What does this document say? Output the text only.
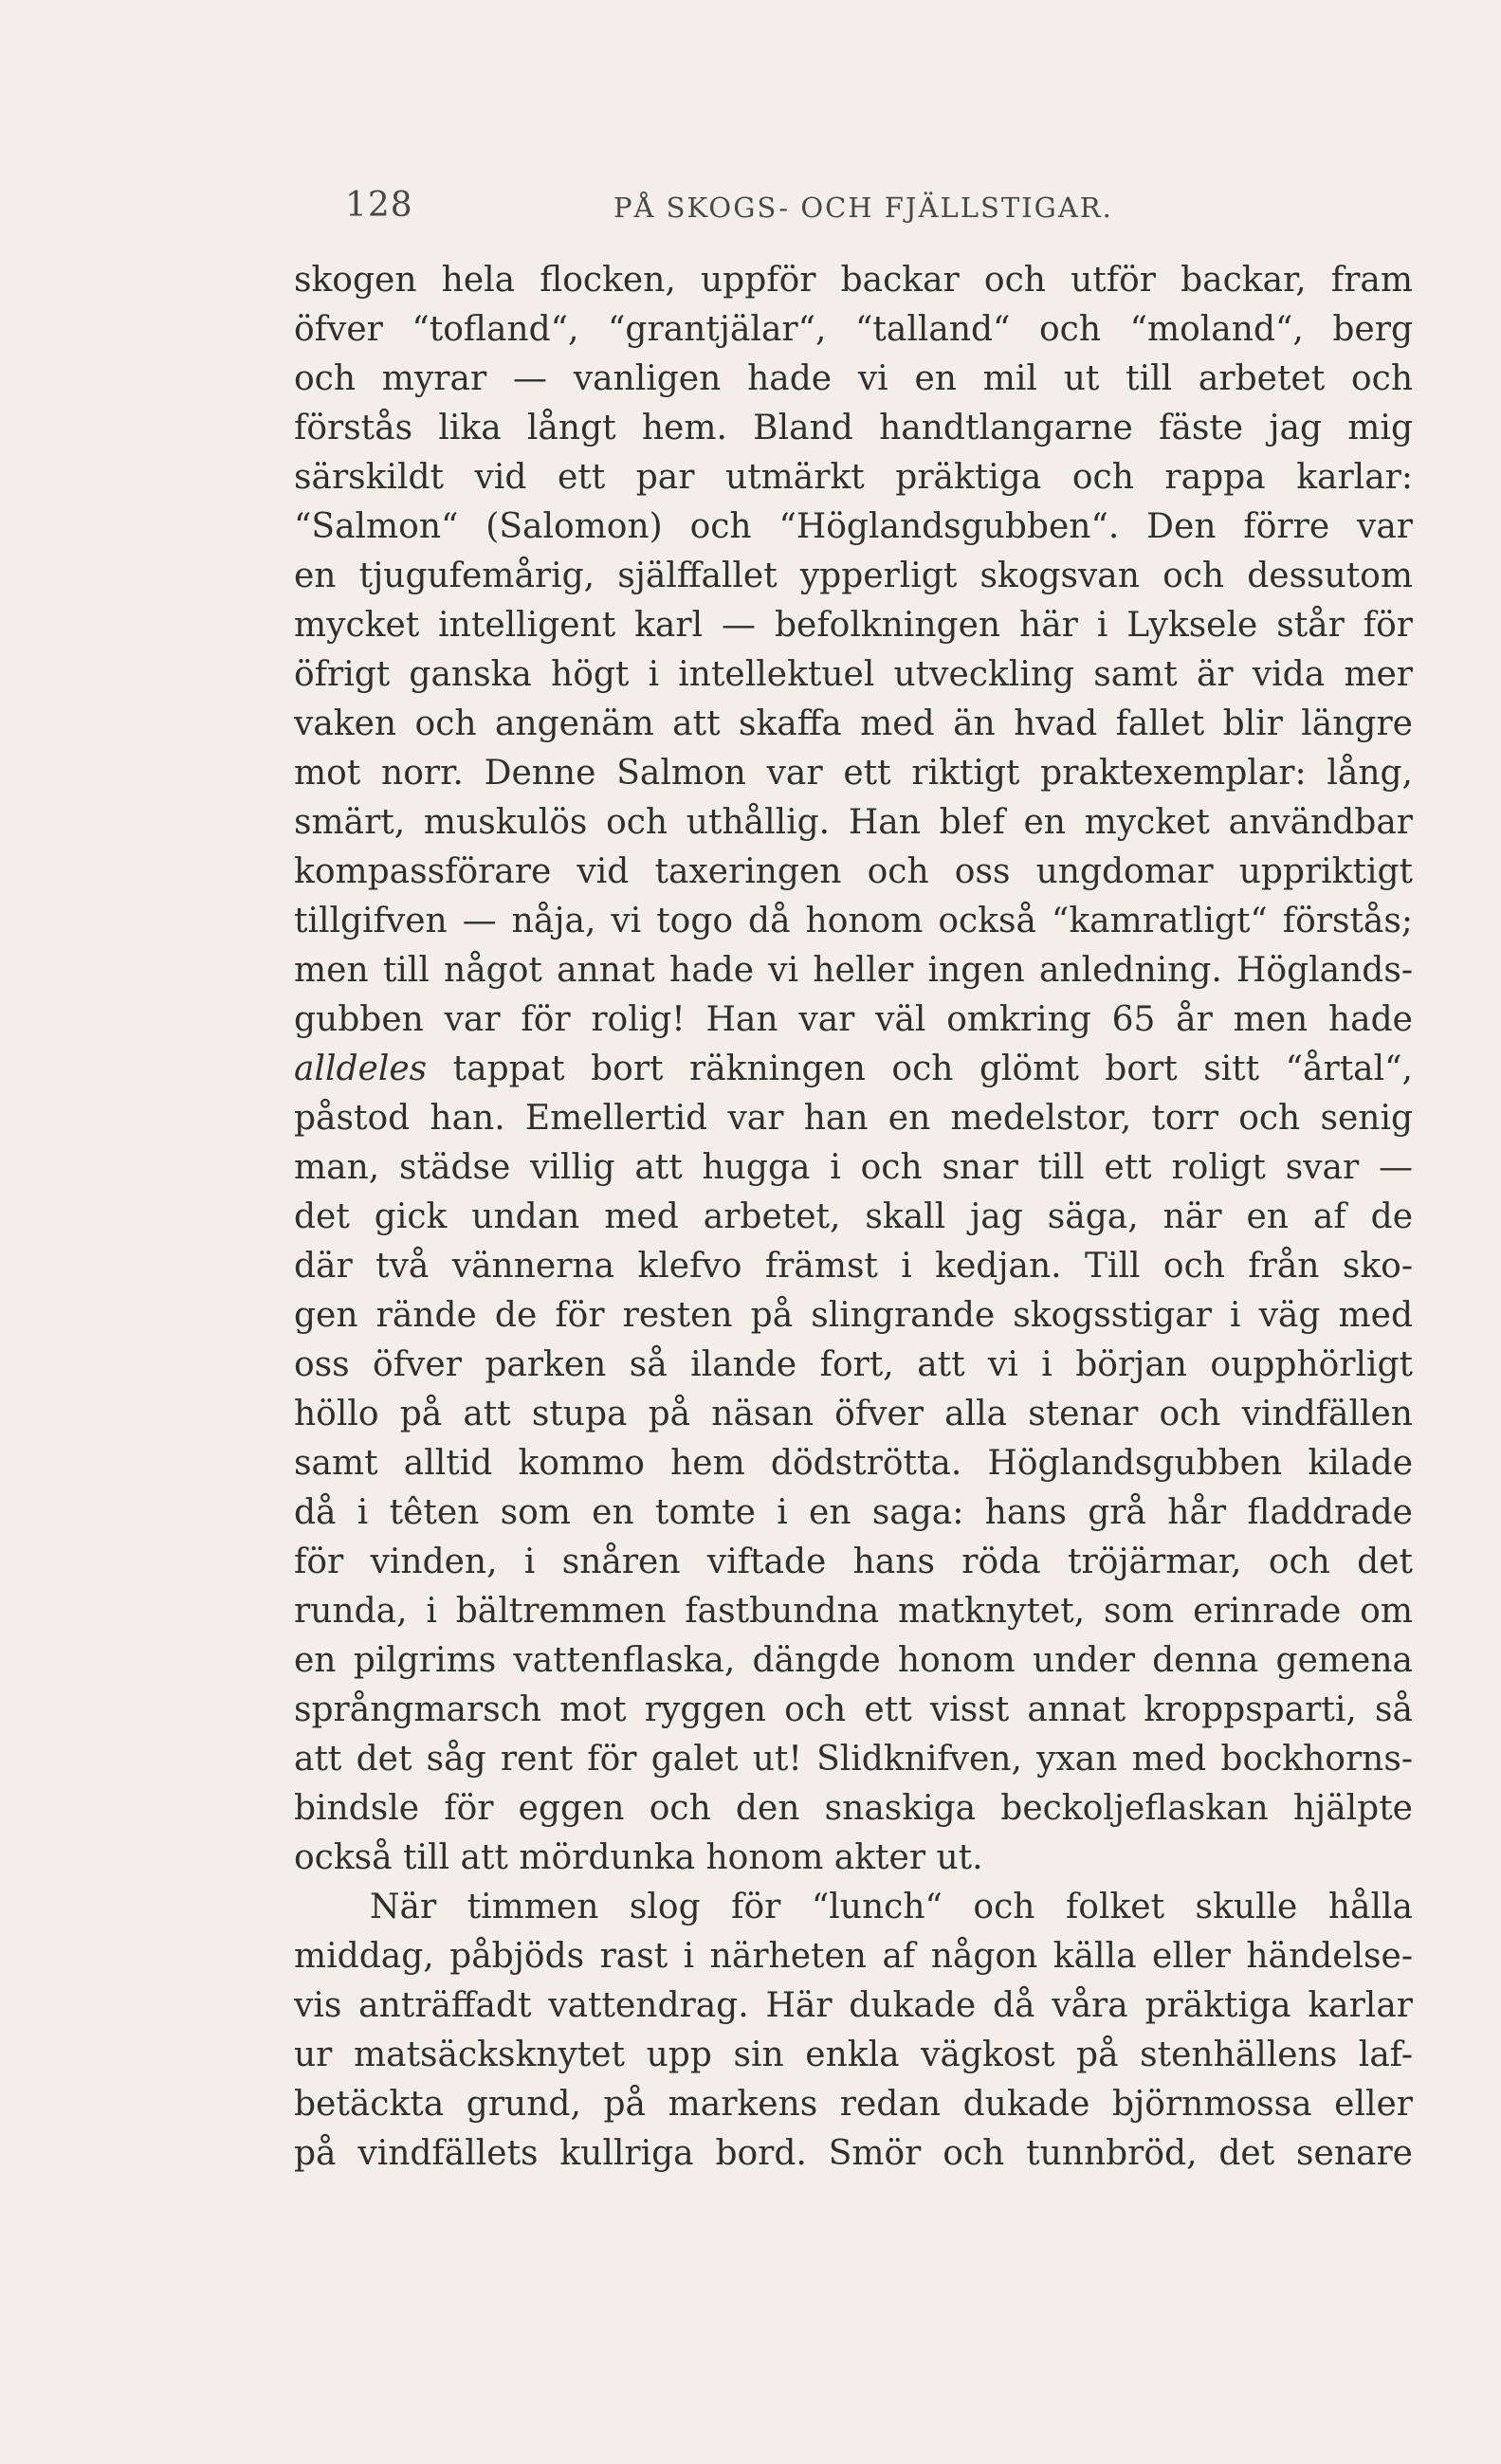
128	PÅ SKOGS- OCH FJÄLLSTIGAR.
skogen hela flocken, uppför backar och utför backar, fram
öfver “tofland“, “grantjälar“, “talland“ och “moland“, berg
och myrar — vanligen hade vi en mil ut till arbetet och
förstås lika långt hem. Bland handtlangarne fäste jag mig
särskildt vid ett par utmärkt präktiga och rappa karlar:
“Salmon“ (Salomon) och “Höglandsgubben“. Den förre var
en tjugufemårig, själffallet ypperligt skogsvan och dessutom
mycket intelligent karl — befolkningen här i Lyksele står för
öfrigt ganska högt i intellektuel utveckling samt är vida mer
vaken och angenäm att skaffa med än hvad fallet blir längre
mot norr. Denne Salmon var ett riktigt praktexemplar: lång,
smärt, muskulös och uthållig. Han blef en mycket användbar
kompassförare vid taxeringen och oss ungdomar uppriktigt
tillgifven — nåja, vi togo då honom också “kamratligt“ förstås;
men till något annat hade vi heller ingen anledning. Höglands-
gubben var för rolig! Han var väl omkring 65 år men hade
alldeles tappat bort räkningen och glömt bort sitt “årtal“,
påstod han. Emellertid var han en medelstor, torr och senig
man, städse villig att hugga i och snar till ett roligt svar —
det gick undan med arbetet, skall jag säga, när en af de
där två vännerna klefvo främst i kedjan. Till och från sko-
gen rände de för resten på slingrande skogsstigar i väg med
oss öfver parken så ilande fort, att vi i början oupphörligt
höllo på att stupa på näsan öfver alla stenar och vindfällen
samt alltid kommo hem dödströtta. Höglandsgubben kilade
då i têten som en tomte i en saga: hans grå hår fladdrade
för vinden, i snåren viftade hans röda tröjärmar, och det
runda, i bältremmen fastbundna matknytet, som erinrade om
en pilgrims vattenflaska, dängde honom under denna gemena
språngmarsch mot ryggen och ett visst annat kroppsparti, så
att det såg rent för galet ut! Slidknifven, yxan med bockhorns-
bindsle för eggen och den snaskiga beckoljeflaskan hjälpte
också till att mördunka honom akter ut.
När timmen slog för “lunch“ och folket skulle hålla
middag, påbjöds rast i närheten af någon källa eller händelse-
vis anträffadt vattendrag. Här dukade då våra präktiga karlar
ur matsäcksknytet upp sin enkla vägkost på stenhällens laf-
betäckta grund, på markens redan dukade björnmossa eller
på vindfällets kullriga bord. Smör och tunnbröd, det senare
